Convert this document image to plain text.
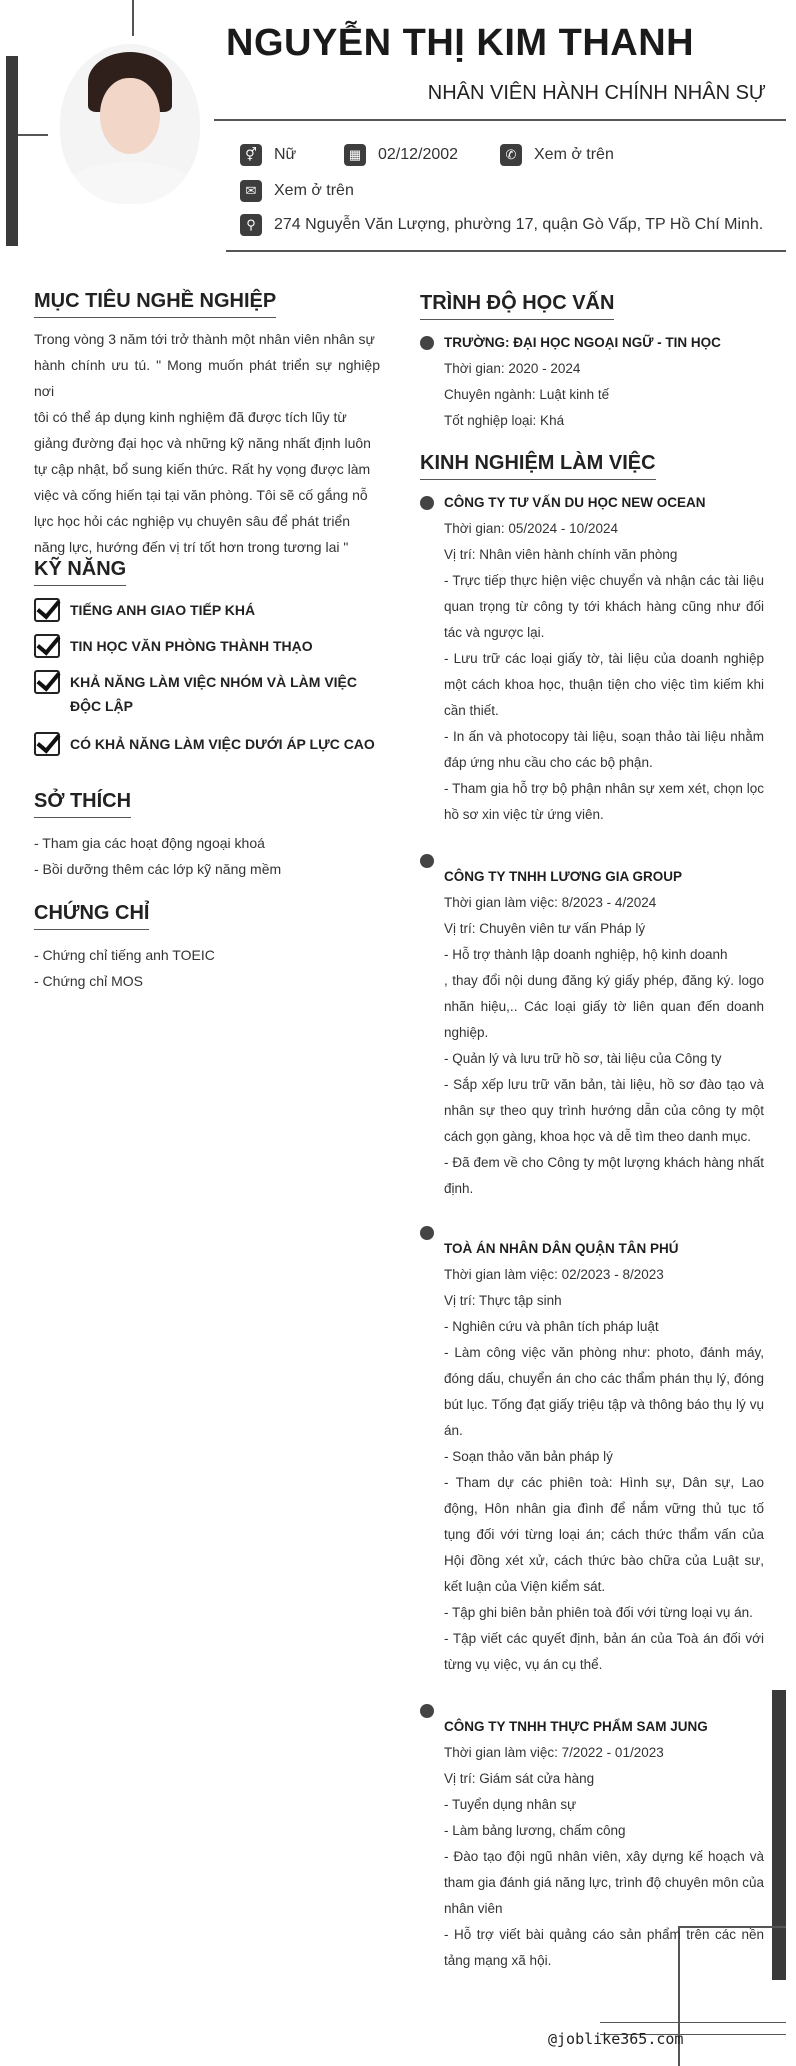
NGUYỄN THỊ KIM THANH
NHÂN VIÊN HÀNH CHÍNH NHÂN SỰ
⚥	Nữ	▦	02/12/2002	✆	Xem ở trên
✉	Xem ở trên
⚲	274 Nguyễn Văn Lượng, phường 17, quận Gò Vấp, TP Hồ Chí Minh.
MỤC TIÊU NGHỀ NGHIỆP
Trong vòng 3 năm tới trở thành một nhân viên nhân sự
hành chính ưu tú. " Mong muốn phát triển sự nghiệp nơi
tôi có thể áp dụng kinh nghiệm đã được tích lũy từ
giảng đường đại học và những kỹ năng nhất định luôn
tự cập nhật, bổ sung kiến thức. Rất hy vọng được làm
việc và cống hiến tại tại văn phòng. Tôi sẽ cố gắng nỗ
lực học hỏi các nghiệp vụ chuyên sâu để phát triển
năng lực, hướng đến vị trí tốt hơn trong tương lai "
KỸ NĂNG
TIẾNG ANH GIAO TIẾP KHÁ
TIN HỌC VĂN PHÒNG THÀNH THẠO
KHẢ NĂNG LÀM VIỆC NHÓM VÀ LÀM VIỆC ĐỘC LẬP
CÓ KHẢ NĂNG LÀM VIỆC DƯỚI ÁP LỰC CAO
SỞ THÍCH
- Tham gia các hoạt động ngoại khoá
- Bồi dưỡng thêm các lớp kỹ năng mềm
CHỨNG CHỈ
- Chứng chỉ tiếng anh TOEIC
- Chứng chỉ MOS
TRÌNH ĐỘ HỌC VẤN
TRƯỜNG: ĐẠI HỌC NGOẠI NGỮ - TIN HỌC
Thời gian: 2020 - 2024
Chuyên ngành: Luật kinh tế
Tốt nghiệp loại: Khá
KINH NGHIỆM LÀM VIỆC
CÔNG TY TƯ VẤN DU HỌC NEW OCEAN
Thời gian: 05/2024 - 10/2024
Vị trí: Nhân viên hành chính văn phòng
- Trực tiếp thực hiện việc chuyển và nhận các tài liệu quan trọng từ công ty tới khách hàng cũng như đối tác và ngược lại.
- Lưu trữ các loại giấy tờ, tài liệu của doanh nghiệp một cách khoa học, thuận tiện cho việc tìm kiếm khi cần thiết.
- In ấn và photocopy tài liệu, soạn thảo tài liệu nhằm đáp ứng nhu cầu cho các bộ phận.
- Tham gia hỗ trợ bộ phận nhân sự xem xét, chọn lọc hồ sơ xin việc từ ứng viên.
CÔNG TY TNHH LƯƠNG GIA GROUP
Thời gian làm việc: 8/2023 - 4/2024
Vị trí: Chuyên viên tư vấn Pháp lý
- Hỗ trợ thành lập doanh nghiệp, hộ kinh doanh
, thay đổi nội dung đăng ký giấy phép, đăng ký. logo nhãn hiệu,.. Các loại giấy tờ liên quan đến doanh nghiệp.
- Quản lý và lưu trữ hồ sơ, tài liệu của Công ty
- Sắp xếp lưu trữ văn bản, tài liệu, hồ sơ đào tạo và nhân sự theo quy trình hướng dẫn của công ty một cách gọn gàng, khoa học và dễ tìm theo danh mục.
- Đã đem về cho Công ty một lượng khách hàng nhất định.
TOÀ ÁN NHÂN DÂN QUẬN TÂN PHÚ
Thời gian làm việc: 02/2023 - 8/2023
Vị trí: Thực tập sinh
- Nghiên cứu và phân tích pháp luật
- Làm công việc văn phòng như: photo, đánh máy, đóng dấu, chuyển án cho các thẩm phán thụ lý, đóng bút lục. Tống đạt giấy triệu tập và thông báo thụ lý vụ án.
- Soạn thảo văn bản pháp lý
- Tham dự các phiên toà: Hình sự, Dân sự, Lao động, Hôn nhân gia đình để nắm vững thủ tục tố tụng đối với từng loại án; cách thức thẩm vấn của Hội đồng xét xử, cách thức bào chữa của Luật sư, kết luận của Viện kiểm sát.
- Tập ghi biên bản phiên toà đối với từng loại vụ án.
- Tập viết các quyết định, bản án của Toà án đối với từng vụ việc, vụ án cụ thể.
CÔNG TY TNHH THỰC PHẨM SAM JUNG
Thời gian làm việc: 7/2022 - 01/2023
Vị trí: Giám sát cửa hàng
- Tuyển dụng nhân sự
- Làm bảng lương, chấm công
- Đào tạo đội ngũ nhân viên, xây dựng kế hoạch và tham gia đánh giá năng lực, trình độ chuyên môn của nhân viên
- Hỗ trợ viết bài quảng cáo sản phẩm trên các nền tảng mạng xã hội.
@joblike365.com
